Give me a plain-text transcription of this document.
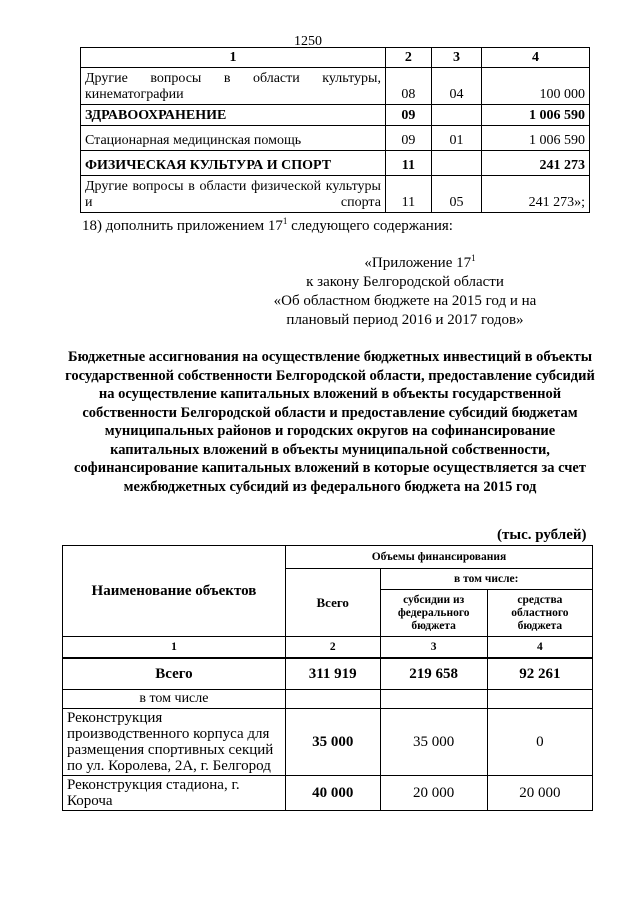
1250
1	2	3	4
Другие вопросы в области культуры, кинематографии	08	04	100 000
ЗДРАВООХРАНЕНИЕ	09		1 006 590
Стационарная медицинская помощь	09	01	1 006 590
ФИЗИЧЕСКАЯ КУЛЬТУРА И СПОРТ	11		241 273
Другие вопросы в области физической культуры и спорта	11	05	241 273»;
18) дополнить приложением $17^1$ следующего содержания:
«Приложение $17^1$
к закону Белгородской области
«Об областном бюджете на 2015 год и на
плановый период 2016 и 2017 годов»
Бюджетные ассигнования на осуществление бюджетных инвестиций в объекты государственной собственности Белгородской области, предоставление субсидий на осуществление капитальных вложений в объекты государственной собственности Белгородской области и предоставление субсидий бюджетам муниципальных районов и городских округов на софинансирование капитальных вложений в объекты муниципальной собственности, софинансирование капитальных вложений в которые осуществляется за счет межбюджетных субсидий из федерального бюджета на 2015 год
(тыс. рублей)
Наименование объектов	Объемы финансирования		
	Всего	в том числе:	
		субсидии из федерального бюджета	средства областного бюджета
1	2	3	4
Всего	311 919	219 658	92 261
в том числе			
Реконструкция производственного корпуса для размещения спортивных секций по ул. Королева, 2А, г. Белгород	35 000	35 000	0
Реконструкция стадиона, г. Короча	40 000	20 000	20 000
